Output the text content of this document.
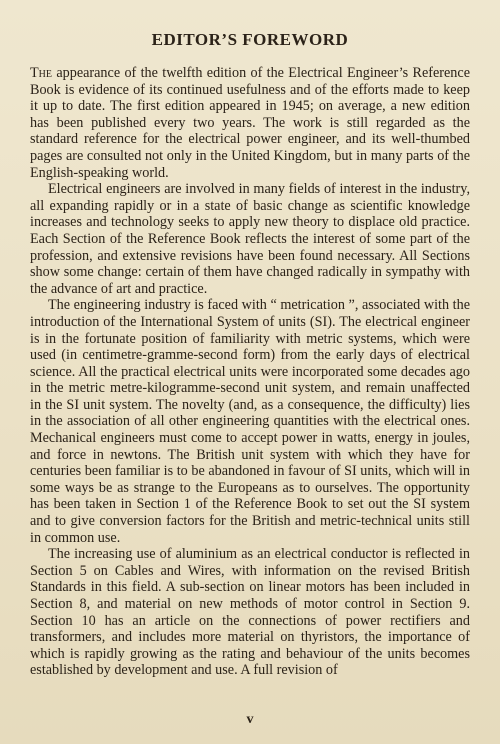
EDITOR’S FOREWORD

The appearance of the twelfth edition of the Electrical Engineer’s Reference Book is evidence of its continued usefulness and of the efforts made to keep it up to date. The first edition appeared in 1945; on average, a new edition has been published every two years. The work is still regarded as the standard reference for the electrical power engineer, and its well-thumbed pages are consulted not only in the United Kingdom, but in many parts of the English-speaking world.

Electrical engineers are involved in many fields of interest in the industry, all expanding rapidly or in a state of basic change as scientific knowledge increases and technology seeks to apply new theory to displace old practice. Each Section of the Reference Book reflects the interest of some part of the profession, and extensive revisions have been found necessary. All Sections show some change: certain of them have changed radically in sympathy with the advance of art and practice.

The engineering industry is faced with “ metrication ”, associated with the introduction of the International System of units (SI). The electrical engineer is in the fortunate position of familiarity with metric systems, which were used (in centimetre-gramme-second form) from the early days of electrical science. All the practical electrical units were incorporated some decades ago in the metric metre-kilogramme-second unit system, and remain unaffected in the SI unit system. The novelty (and, as a consequence, the difficulty) lies in the association of all other engineering quantities with the electrical ones. Mechanical engineers must come to accept power in watts, energy in joules, and force in newtons. The British unit system with which they have for centuries been familiar is to be abandoned in favour of SI units, which will in some ways be as strange to the Europeans as to ourselves. The opportunity has been taken in Section 1 of the Reference Book to set out the SI system and to give conversion factors for the British and metric-technical units still in common use.

The increasing use of aluminium as an electrical conductor is reflected in Section 5 on Cables and Wires, with information on the revised British Standards in this field. A sub-section on linear motors has been included in Section 8, and material on new methods of motor control in Section 9. Section 10 has an article on the connections of power rectifiers and transformers, and includes more material on thyristors, the importance of which is rapidly growing as the rating and behaviour of the units becomes established by development and use. A full revision of

v
